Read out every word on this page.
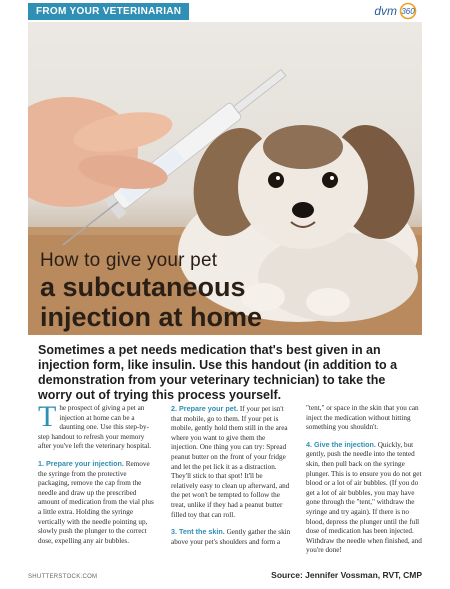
FROM YOUR VETERINARIAN	dvm 360
How to give your pet
a subcutaneous
injection at home
Sometimes a pet needs medication that's best given in an injection form, like insulin. Use this handout (in addition to a demonstration from your veterinary technician) to take the worry out of trying this process yourself.

The prospect of giving a pet an injection at home can be a daunting one. Use this step-by-step handout to refresh your memory after you've left the veterinary hospital.

1. Prepare your injection. Remove the syringe from the protective packaging, remove the cap from the needle and draw up the prescribed amount of medication from the vial plus a little extra. Holding the syringe vertically with the needle pointing up, slowly push the plunger to the correct dose, expelling any air bubbles.

2. Prepare your pet. If your pet isn't that mobile, go to them. If your pet is mobile, gently hold them still in the area where you want to give them the injection. One thing you can try: Spread peanut butter on the front of your fridge and let the pet lick it as a distraction. They'll stick to that spot! It'll be relatively easy to clean up afterward, and the pet won't be tempted to follow the treat, unlike if they had a peanut butter filled toy that can roll.

3. Tent the skin. Gently gather the skin above your pet's shoulders and form a

"tent," or space in the skin that you can inject the medication without hitting something you shouldn't.

4. Give the injection. Quickly, but gently, push the needle into the tented skin, then pull back on the syringe plunger. This is to ensure you do not get blood or a lot of air bubbles. (If you do get a lot of air bubbles, you may have gone through the "tent," withdraw the syringe and try again). If there is no blood, depress the plunger until the full dose of medication has been injected. Withdraw the needle when finished, and you're done!

SHUTTERSTOCK.COM	Source: Jennifer Vossman, RVT, CMP
